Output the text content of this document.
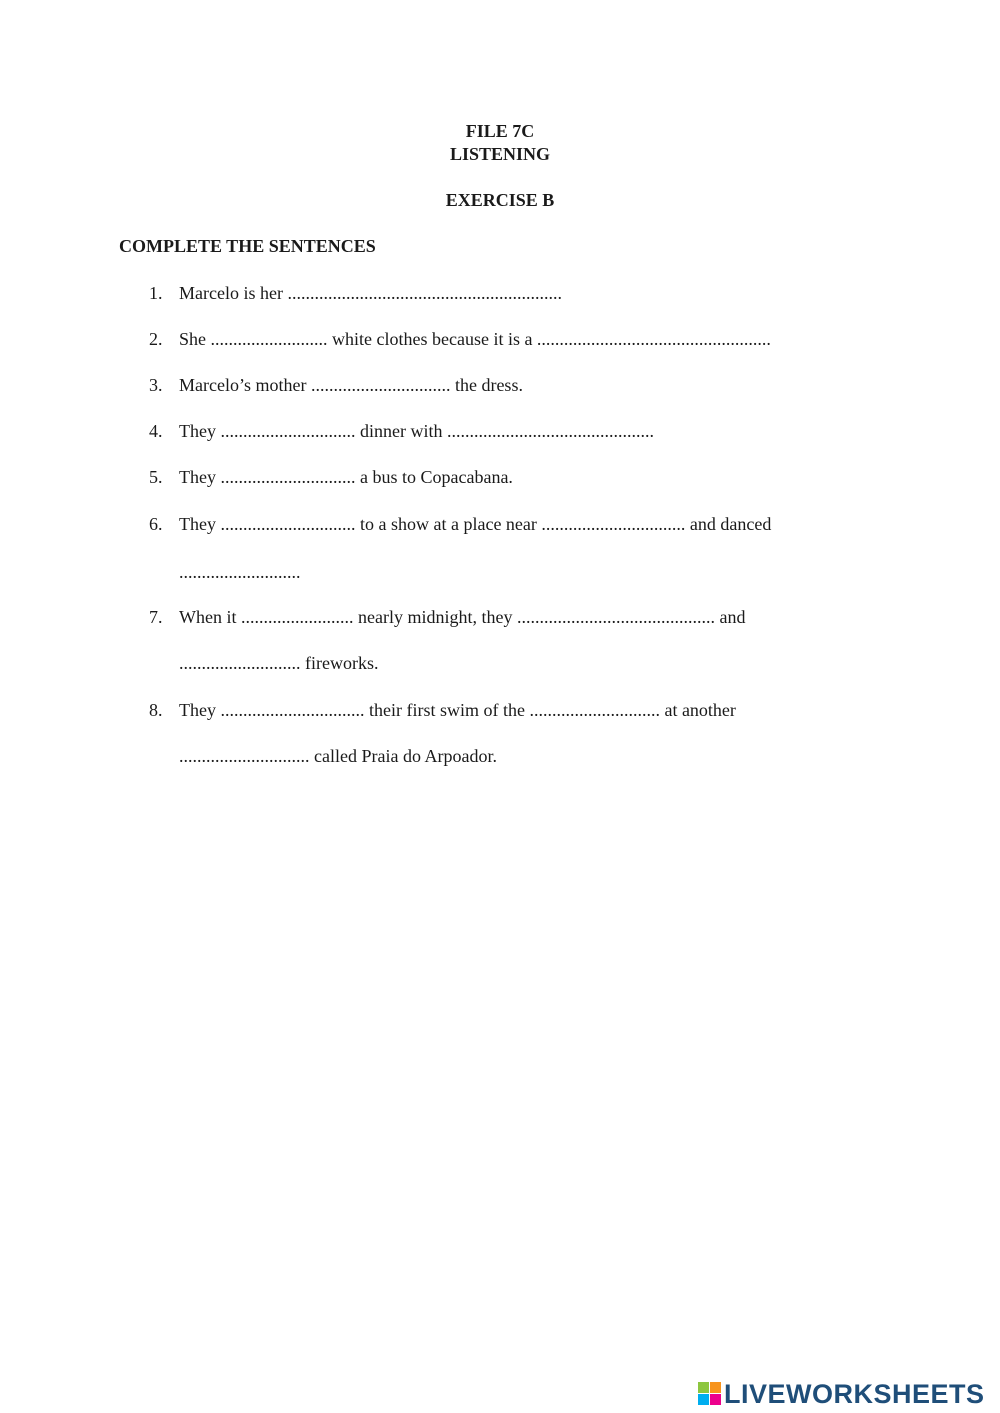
FILE 7C
LISTENING
EXERCISE B
COMPLETE THE SENTENCES
1. Marcelo is her .............................................................
2. She .......................... white clothes because it is a ....................................................
3. Marcelo’s mother ............................... the dress.
4. They .............................. dinner with ..............................................
5. They .............................. a bus to Copacabana.
6. They .............................. to a show at a place near ................................ and danced
...........................
7. When it ......................... nearly midnight, they ............................................ and
........................... fireworks.
8. They ................................ their first swim of the ............................. at another
............................. called Praia do Arpoador.
LIVEWORKSHEETS
